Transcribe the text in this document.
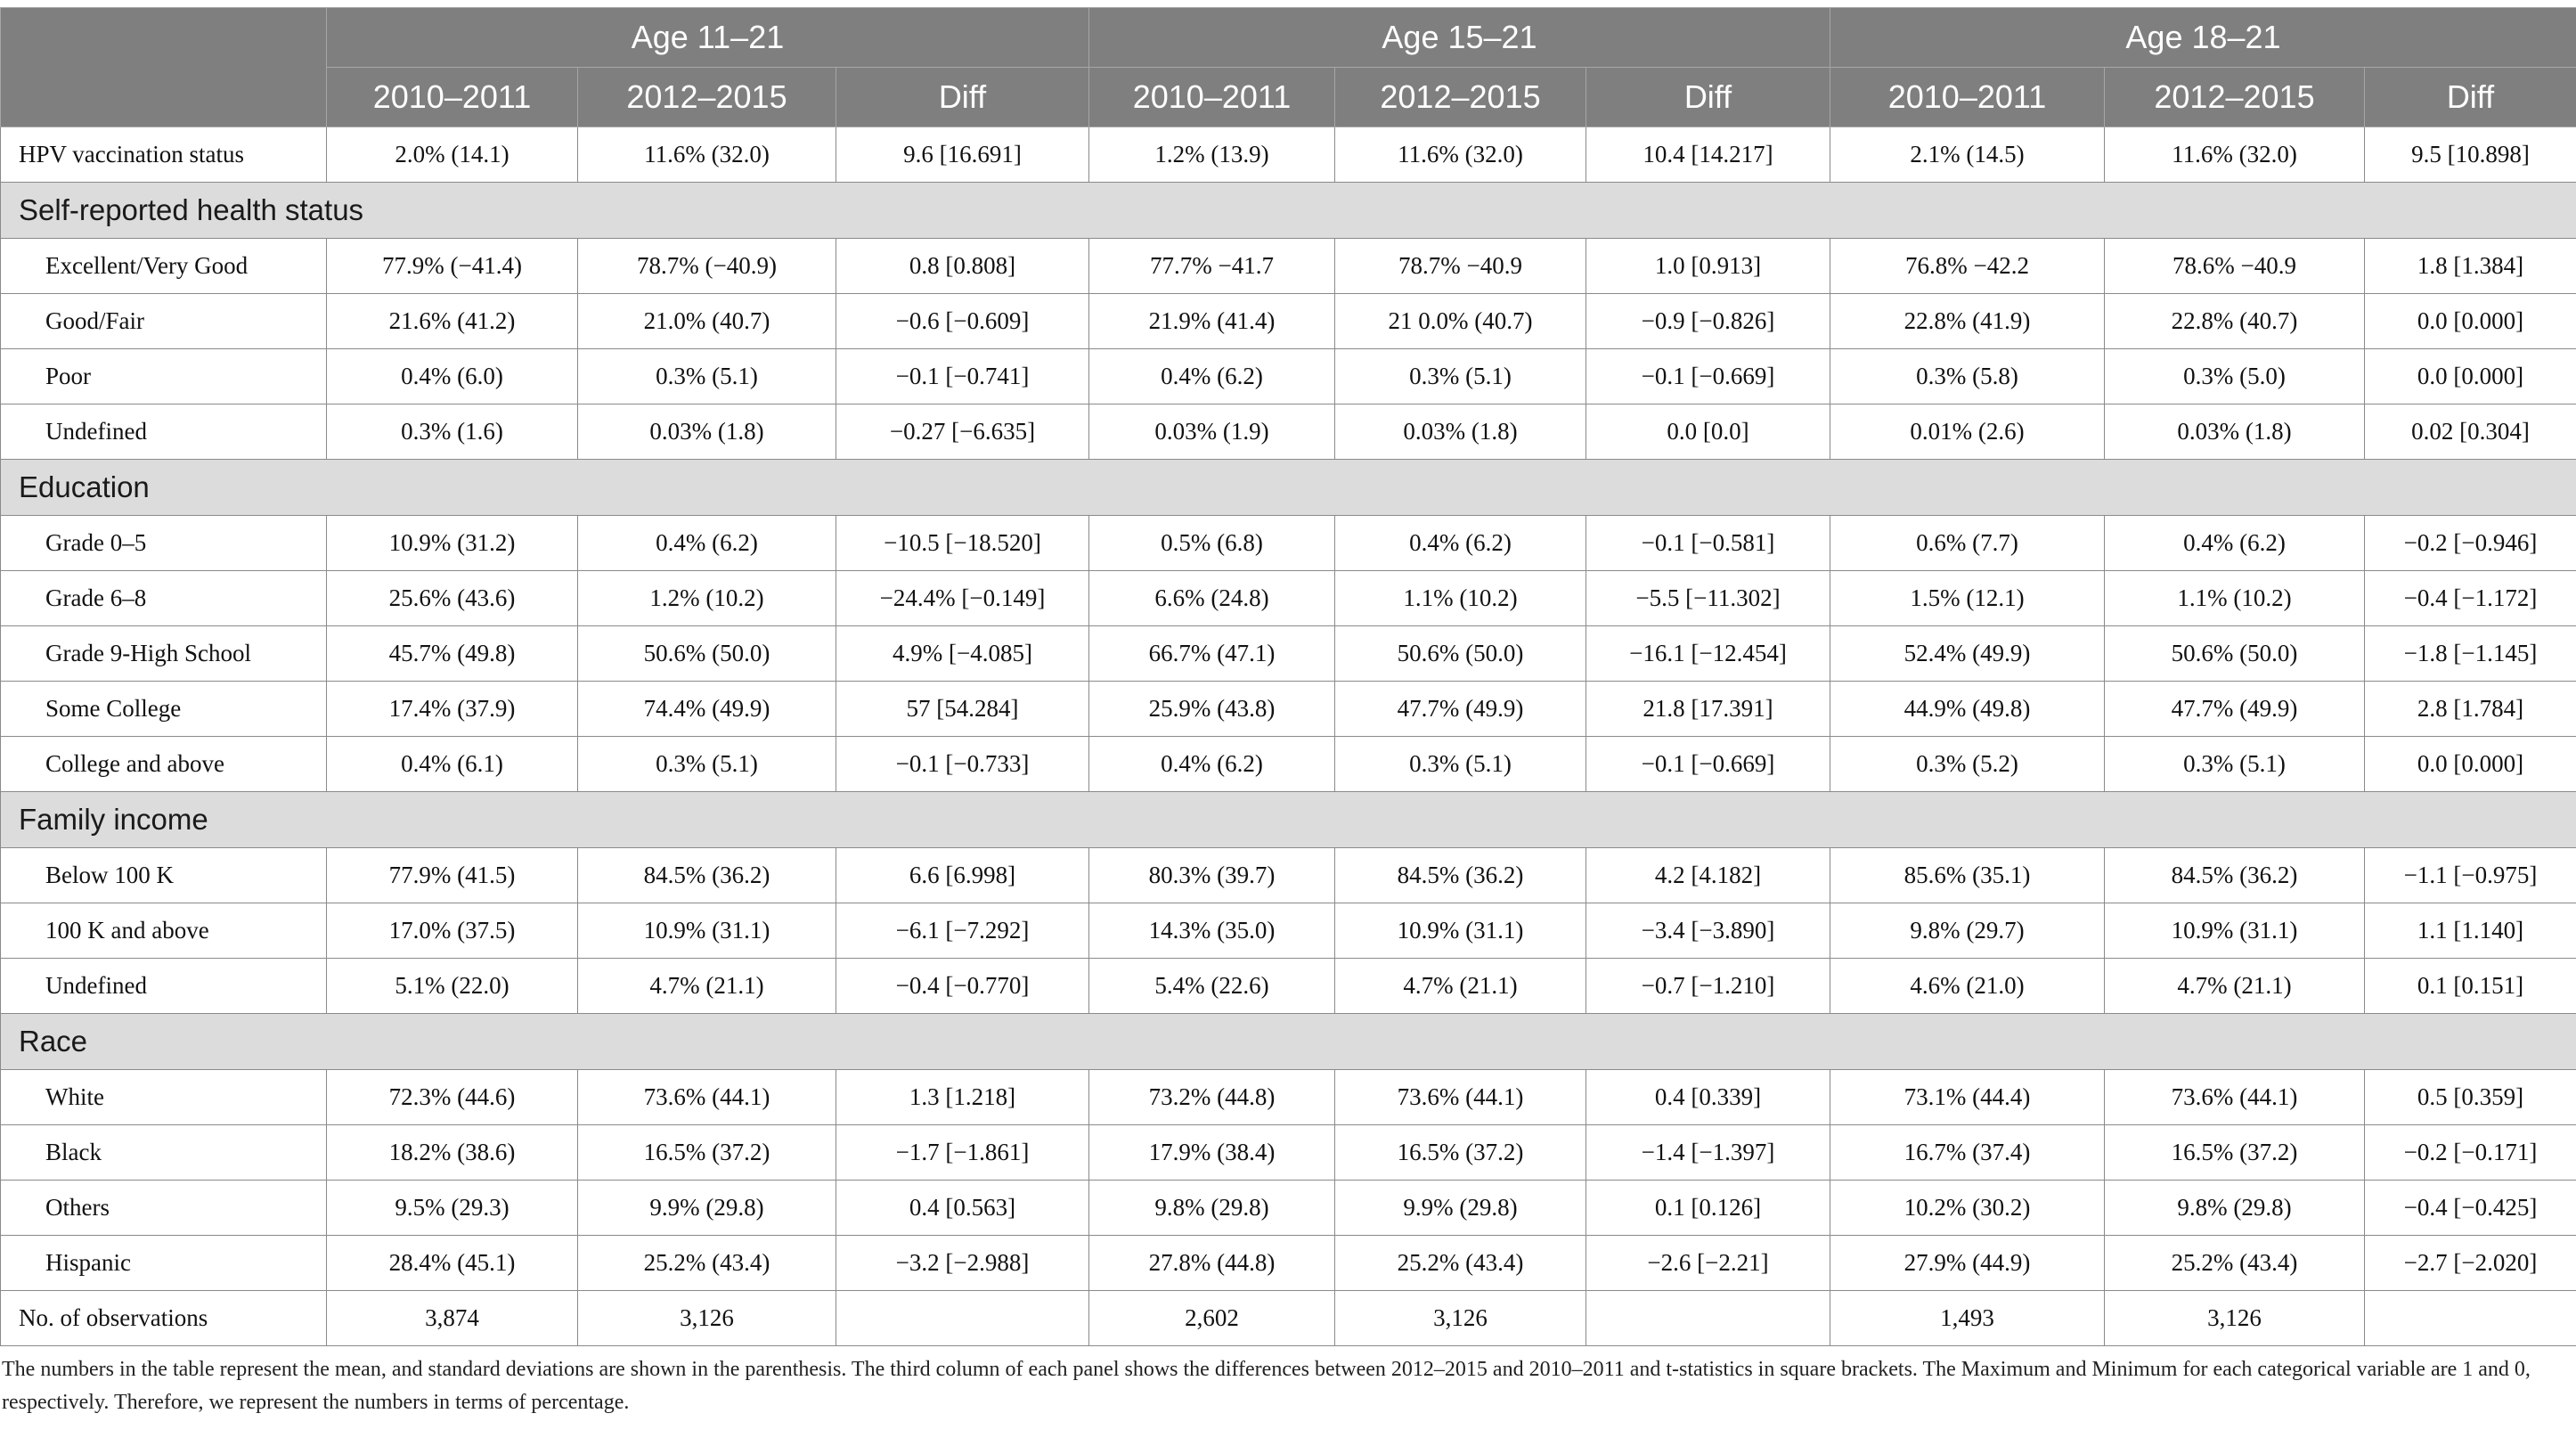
	Age 11–21			Age 15–21			Age 18–21		
	2010–2011	2012–2015	Diff	2010–2011	2012–2015	Diff	2010–2011	2012–2015	Diff
HPV vaccination status	2.0% (14.1)	11.6% (32.0)	9.6 [16.691]	1.2% (13.9)	11.6% (32.0)	10.4 [14.217]	2.1% (14.5)	11.6% (32.0)	9.5 [10.898]
Self-reported health status									
Excellent/Very Good	77.9% (−41.4)	78.7% (−40.9)	0.8 [0.808]	77.7% −41.7	78.7% −40.9	1.0 [0.913]	76.8% −42.2	78.6% −40.9	1.8 [1.384]
Good/Fair	21.6% (41.2)	21.0% (40.7)	−0.6 [−0.609]	21.9% (41.4)	21 0.0% (40.7)	−0.9 [−0.826]	22.8% (41.9)	22.8% (40.7)	0.0 [0.000]
Poor	0.4% (6.0)	0.3% (5.1)	−0.1 [−0.741]	0.4% (6.2)	0.3% (5.1)	−0.1 [−0.669]	0.3% (5.8)	0.3% (5.0)	0.0 [0.000]
Undefined	0.3% (1.6)	0.03% (1.8)	−0.27 [−6.635]	0.03% (1.9)	0.03% (1.8)	0.0 [0.0]	0.01% (2.6)	0.03% (1.8)	0.02 [0.304]
Education									
Grade 0–5	10.9% (31.2)	0.4% (6.2)	−10.5 [−18.520]	0.5% (6.8)	0.4% (6.2)	−0.1 [−0.581]	0.6% (7.7)	0.4% (6.2)	−0.2 [−0.946]
Grade 6–8	25.6% (43.6)	1.2% (10.2)	−24.4% [−0.149]	6.6% (24.8)	1.1% (10.2)	−5.5 [−11.302]	1.5% (12.1)	1.1% (10.2)	−0.4 [−1.172]
Grade 9-High School	45.7% (49.8)	50.6% (50.0)	4.9% [−4.085]	66.7% (47.1)	50.6% (50.0)	−16.1 [−12.454]	52.4% (49.9)	50.6% (50.0)	−1.8 [−1.145]
Some College	17.4% (37.9)	74.4% (49.9)	57 [54.284]	25.9% (43.8)	47.7% (49.9)	21.8 [17.391]	44.9% (49.8)	47.7% (49.9)	2.8 [1.784]
College and above	0.4% (6.1)	0.3% (5.1)	−0.1 [−0.733]	0.4% (6.2)	0.3% (5.1)	−0.1 [−0.669]	0.3% (5.2)	0.3% (5.1)	0.0 [0.000]
Family income									
Below 100 K	77.9% (41.5)	84.5% (36.2)	6.6 [6.998]	80.3% (39.7)	84.5% (36.2)	4.2 [4.182]	85.6% (35.1)	84.5% (36.2)	−1.1 [−0.975]
100 K and above	17.0% (37.5)	10.9% (31.1)	−6.1 [−7.292]	14.3% (35.0)	10.9% (31.1)	−3.4 [−3.890]	9.8% (29.7)	10.9% (31.1)	1.1 [1.140]
Undefined	5.1% (22.0)	4.7% (21.1)	−0.4 [−0.770]	5.4% (22.6)	4.7% (21.1)	−0.7 [−1.210]	4.6% (21.0)	4.7% (21.1)	0.1 [0.151]
Race									
White	72.3% (44.6)	73.6% (44.1)	1.3 [1.218]	73.2% (44.8)	73.6% (44.1)	0.4 [0.339]	73.1% (44.4)	73.6% (44.1)	0.5 [0.359]
Black	18.2% (38.6)	16.5% (37.2)	−1.7 [−1.861]	17.9% (38.4)	16.5% (37.2)	−1.4 [−1.397]	16.7% (37.4)	16.5% (37.2)	−0.2 [−0.171]
Others	9.5% (29.3)	9.9% (29.8)	0.4 [0.563]	9.8% (29.8)	9.9% (29.8)	0.1 [0.126]	10.2% (30.2)	9.8% (29.8)	−0.4 [−0.425]
Hispanic	28.4% (45.1)	25.2% (43.4)	−3.2 [−2.988]	27.8% (44.8)	25.2% (43.4)	−2.6 [−2.21]	27.9% (44.9)	25.2% (43.4)	−2.7 [−2.020]
No. of observations	3,874	3,126		2,602	3,126		1,493	3,126	

The numbers in the table represent the mean, and standard deviations are shown in the parenthesis. The third column of each panel shows the differences between 2012–2015 and 2010–2011 and t-statistics in square brackets. The Maximum and Minimum for each categorical variable are 1 and 0, respectively. Therefore, we represent the numbers in terms of percentage.
